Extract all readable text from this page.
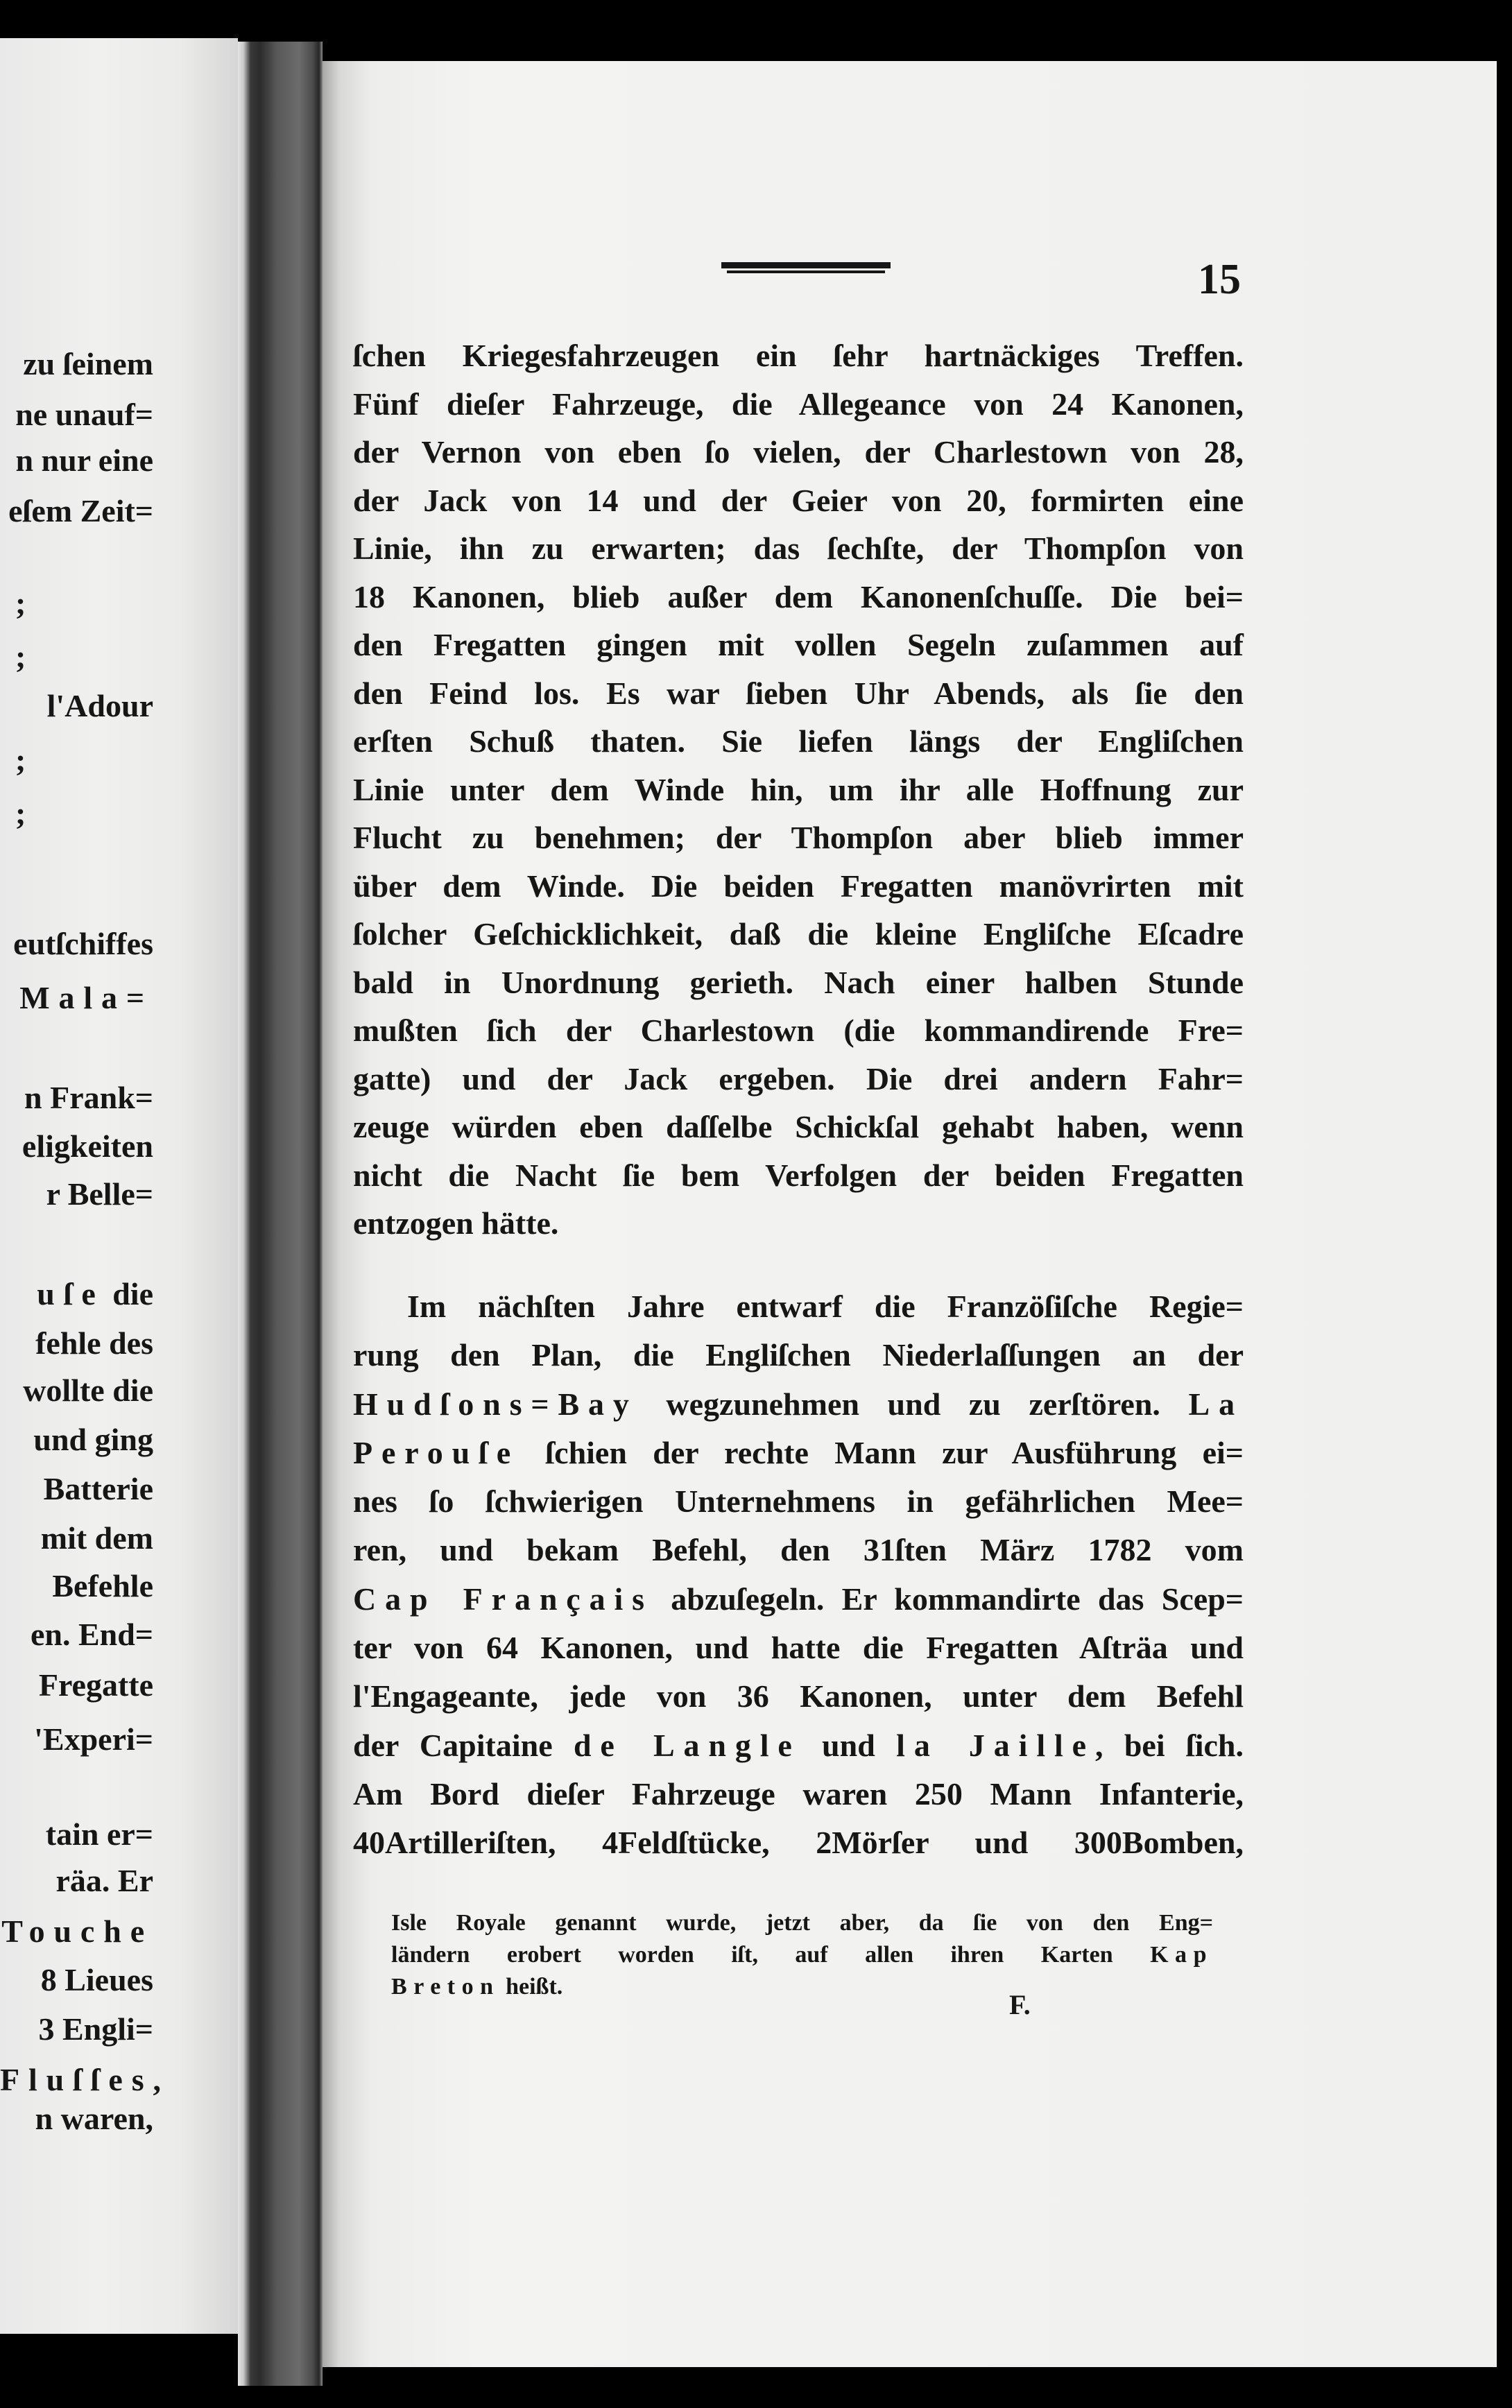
zu ſeinem
ne unauf=
n nur eine
eſem Zeit=
;
;
l'Adour
;
;
eutſchiffes
Mala=
n Frank=
eligkeiten
r Belle=
uſe die
fehle des
wollte die
und ging
Batterie
mit dem
Befehle
en. End=
Fregatte
'Experi=
tain er=
räa. Er
Touche
8 Lieues
3 Engli=
Fluſſes,
n waren,
15
ſchen Kriegesfahrzeugen ein ſehr hartnäckiges Treffen.
Fünf dieſer Fahrzeuge, die Allegeance von 24 Kanonen,
der Vernon von eben ſo vielen, der Charlestown von 28,
der Jack von 14 und der Geier von 20, formirten eine
Linie, ihn zu erwarten; das ſechſte, der Thompſon von
18 Kanonen, blieb außer dem Kanonenſchuſſe. Die bei=
den Fregatten gingen mit vollen Segeln zuſammen auf
den Feind los. Es war ſieben Uhr Abends, als ſie den
erſten Schuß thaten. Sie liefen längs der Engliſchen
Linie unter dem Winde hin, um ihr alle Hoffnung zur
Flucht zu benehmen; der Thompſon aber blieb immer
über dem Winde. Die beiden Fregatten manövrirten mit
ſolcher Geſchicklichkeit, daß die kleine Engliſche Eſcadre
bald in Unordnung gerieth. Nach einer halben Stunde
mußten ſich der Charlestown (die kommandirende Fre=
gatte) und der Jack ergeben. Die drei andern Fahr=
zeuge würden eben daſſelbe Schickſal gehabt haben, wenn
nicht die Nacht ſie bem Verfolgen der beiden Fregatten
entzogen hätte.
Im nächſten Jahre entwarf die Franzöſiſche Regie=
rung den Plan, die Engliſchen Niederlaſſungen an der
Hudſons=Bay wegzunehmen und zu zerſtören. La
Perouſe ſchien der rechte Mann zur Ausführung ei=
nes ſo ſchwierigen Unternehmens in gefährlichen Mee=
ren, und bekam Befehl, den 31ſten März 1782 vom
Cap Français abzuſegeln. Er kommandirte das Scep=
ter von 64 Kanonen, und hatte die Fregatten Aſträa und
l'Engageante, jede von 36 Kanonen, unter dem Befehl
der Capitaine de Langle und la Jaille, bei ſich.
Am Bord dieſer Fahrzeuge waren 250 Mann Infanterie,
40Artilleriſten, 4Feldſtücke, 2Mörſer und 300Bomben,
Isle Royale genannt wurde, jetzt aber, da ſie von den Eng=
ländern erobert worden iſt, auf allen ihren Karten Kap
Breton heißt.
F.
